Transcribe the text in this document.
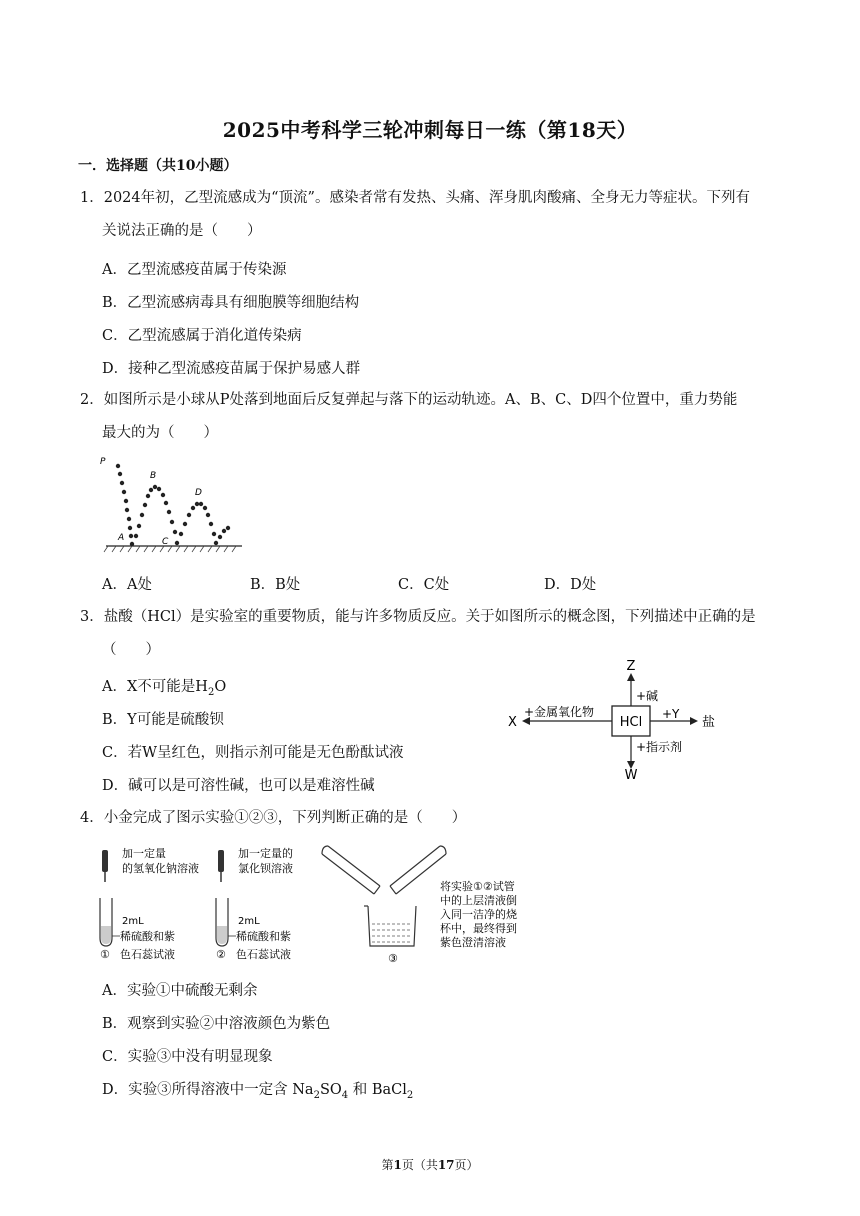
2025中考科学三轮冲刺每日一练（第18天）
一．选择题（共10小题）
1．2024年初，乙型流感成为“顶流”。感染者常有发热、头痛、浑身肌肉酸痛、全身无力等症状。下列有
关说法正确的是（　　）
A．乙型流感疫苗属于传染源
B．乙型流感病毒具有细胞膜等细胞结构
C．乙型流感属于消化道传染病
D．接种乙型流感疫苗属于保护易感人群
2．如图所示是小球从P处落到地面后反复弹起与落下的运动轨迹。A、B、C、D四个位置中，重力势能
最大的为（　　）
P
A
B
C
D
A．A处	B．B处	C．C处	D．D处
3．盐酸（HCl）是实验室的重要物质，能与许多物质反应。关于如图所示的概念图，下列描述中正确的是
（　　）
A．X不可能是$H_2O$
B．Y可能是硫酸钡
C．若W呈红色，则指示剂可能是无色酚酞试液
D．碱可以是可溶性碱，也可以是难溶性碱
HCl
Z
+碱
X
+金属氧化物	+Y
盐
W
+指示剂
4．小金完成了图示实验①②③，下列判断正确的是（　　）
加一定量
的氢氧化钠溶液
2mL
稀硫酸和紫
① 色石蕊试液
加一定量的
氯化钡溶液
2mL
稀硫酸和紫
② 色石蕊试液	③
将实验①②试管
中的上层清液倒
入同一洁净的烧
杯中，最终得到
紫色澄清溶液
A．实验①中硫酸无剩余
B．观察到实验②中溶液颜色为紫色
C．实验③中没有明显现象
D．实验③所得溶液中一定含 $Na_2SO_4$ 和 BaCl$_2$
第1页（共17页）
